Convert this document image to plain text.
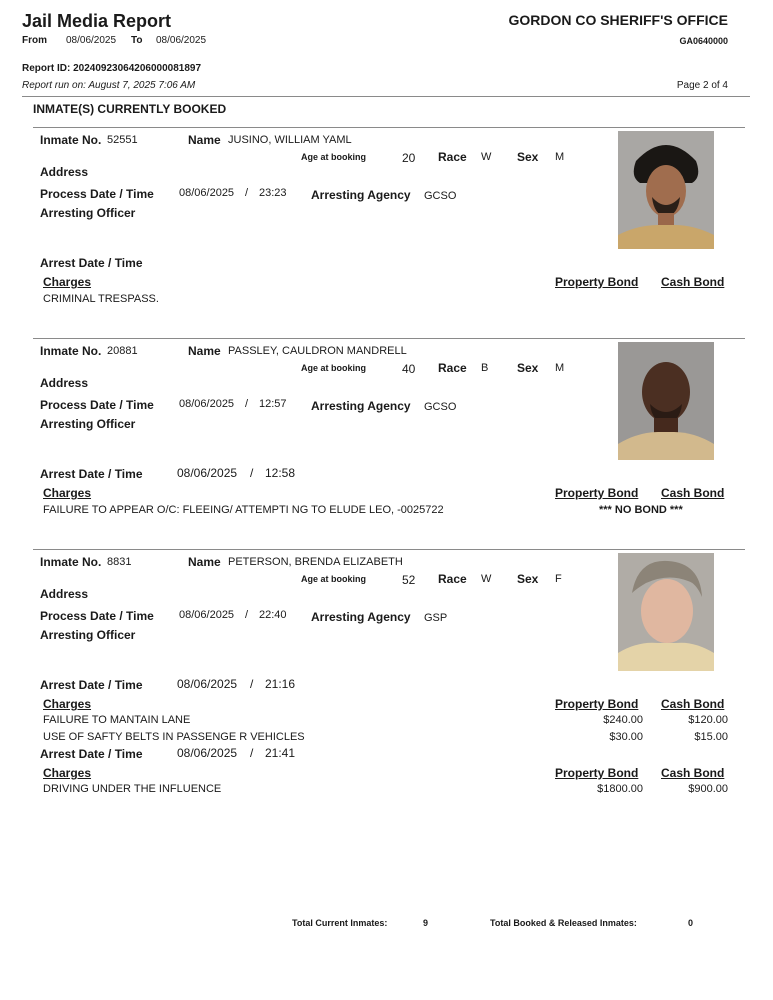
Jail Media Report
From 08/06/2025 To 08/06/2025
GORDON CO SHERIFF'S OFFICE
GA0640000
Report ID: 20240923064206000081897
Report run on: August 7, 2025 7:06 AM	Page 2 of 4
INMATE(S) CURRENTLY BOOKED
Inmate No. 52551	Name JUSINO, WILLIAM YAML
Age at booking	20 Race W Sex M
Address
Process Date / Time 08/06/2025 / 23:23 Arresting Agency GCSO
Arresting Officer
Arrest Date / Time
Charges	Property Bond Cash Bond
CRIMINAL TRESPASS.
Inmate No. 20881	Name PASSLEY, CAULDRON MANDRELL
Age at booking	40 Race B Sex M
Address
Process Date / Time 08/06/2025 / 12:57 Arresting Agency GCSO
Arresting Officer
Arrest Date / Time	08/06/2025 / 12:58
Charges	Property Bond Cash Bond
FAILURE TO APPEAR O/C: FLEEING/ ATTEMPTI NG TO ELUDE LEO, -0025722	*** NO BOND ***
Inmate No. 8831	Name PETERSON, BRENDA ELIZABETH
Age at booking	52 Race W Sex F
Address
Process Date / Time 08/06/2025 / 22:40 Arresting Agency GSP
Arresting Officer
Arrest Date / Time	08/06/2025 / 21:16
Charges	Property Bond Cash Bond
FAILURE TO MANTAIN LANE	$240.00	$120.00
USE OF SAFTY BELTS IN PASSENGE R VEHICLES	$30.00	$15.00
Arrest Date / Time	08/06/2025 / 21:41
Charges	Property Bond Cash Bond
DRIVING UNDER THE INFLUENCE	$1800.00	$900.00
Total Current Inmates:	9	Total Booked & Released Inmates:	0
